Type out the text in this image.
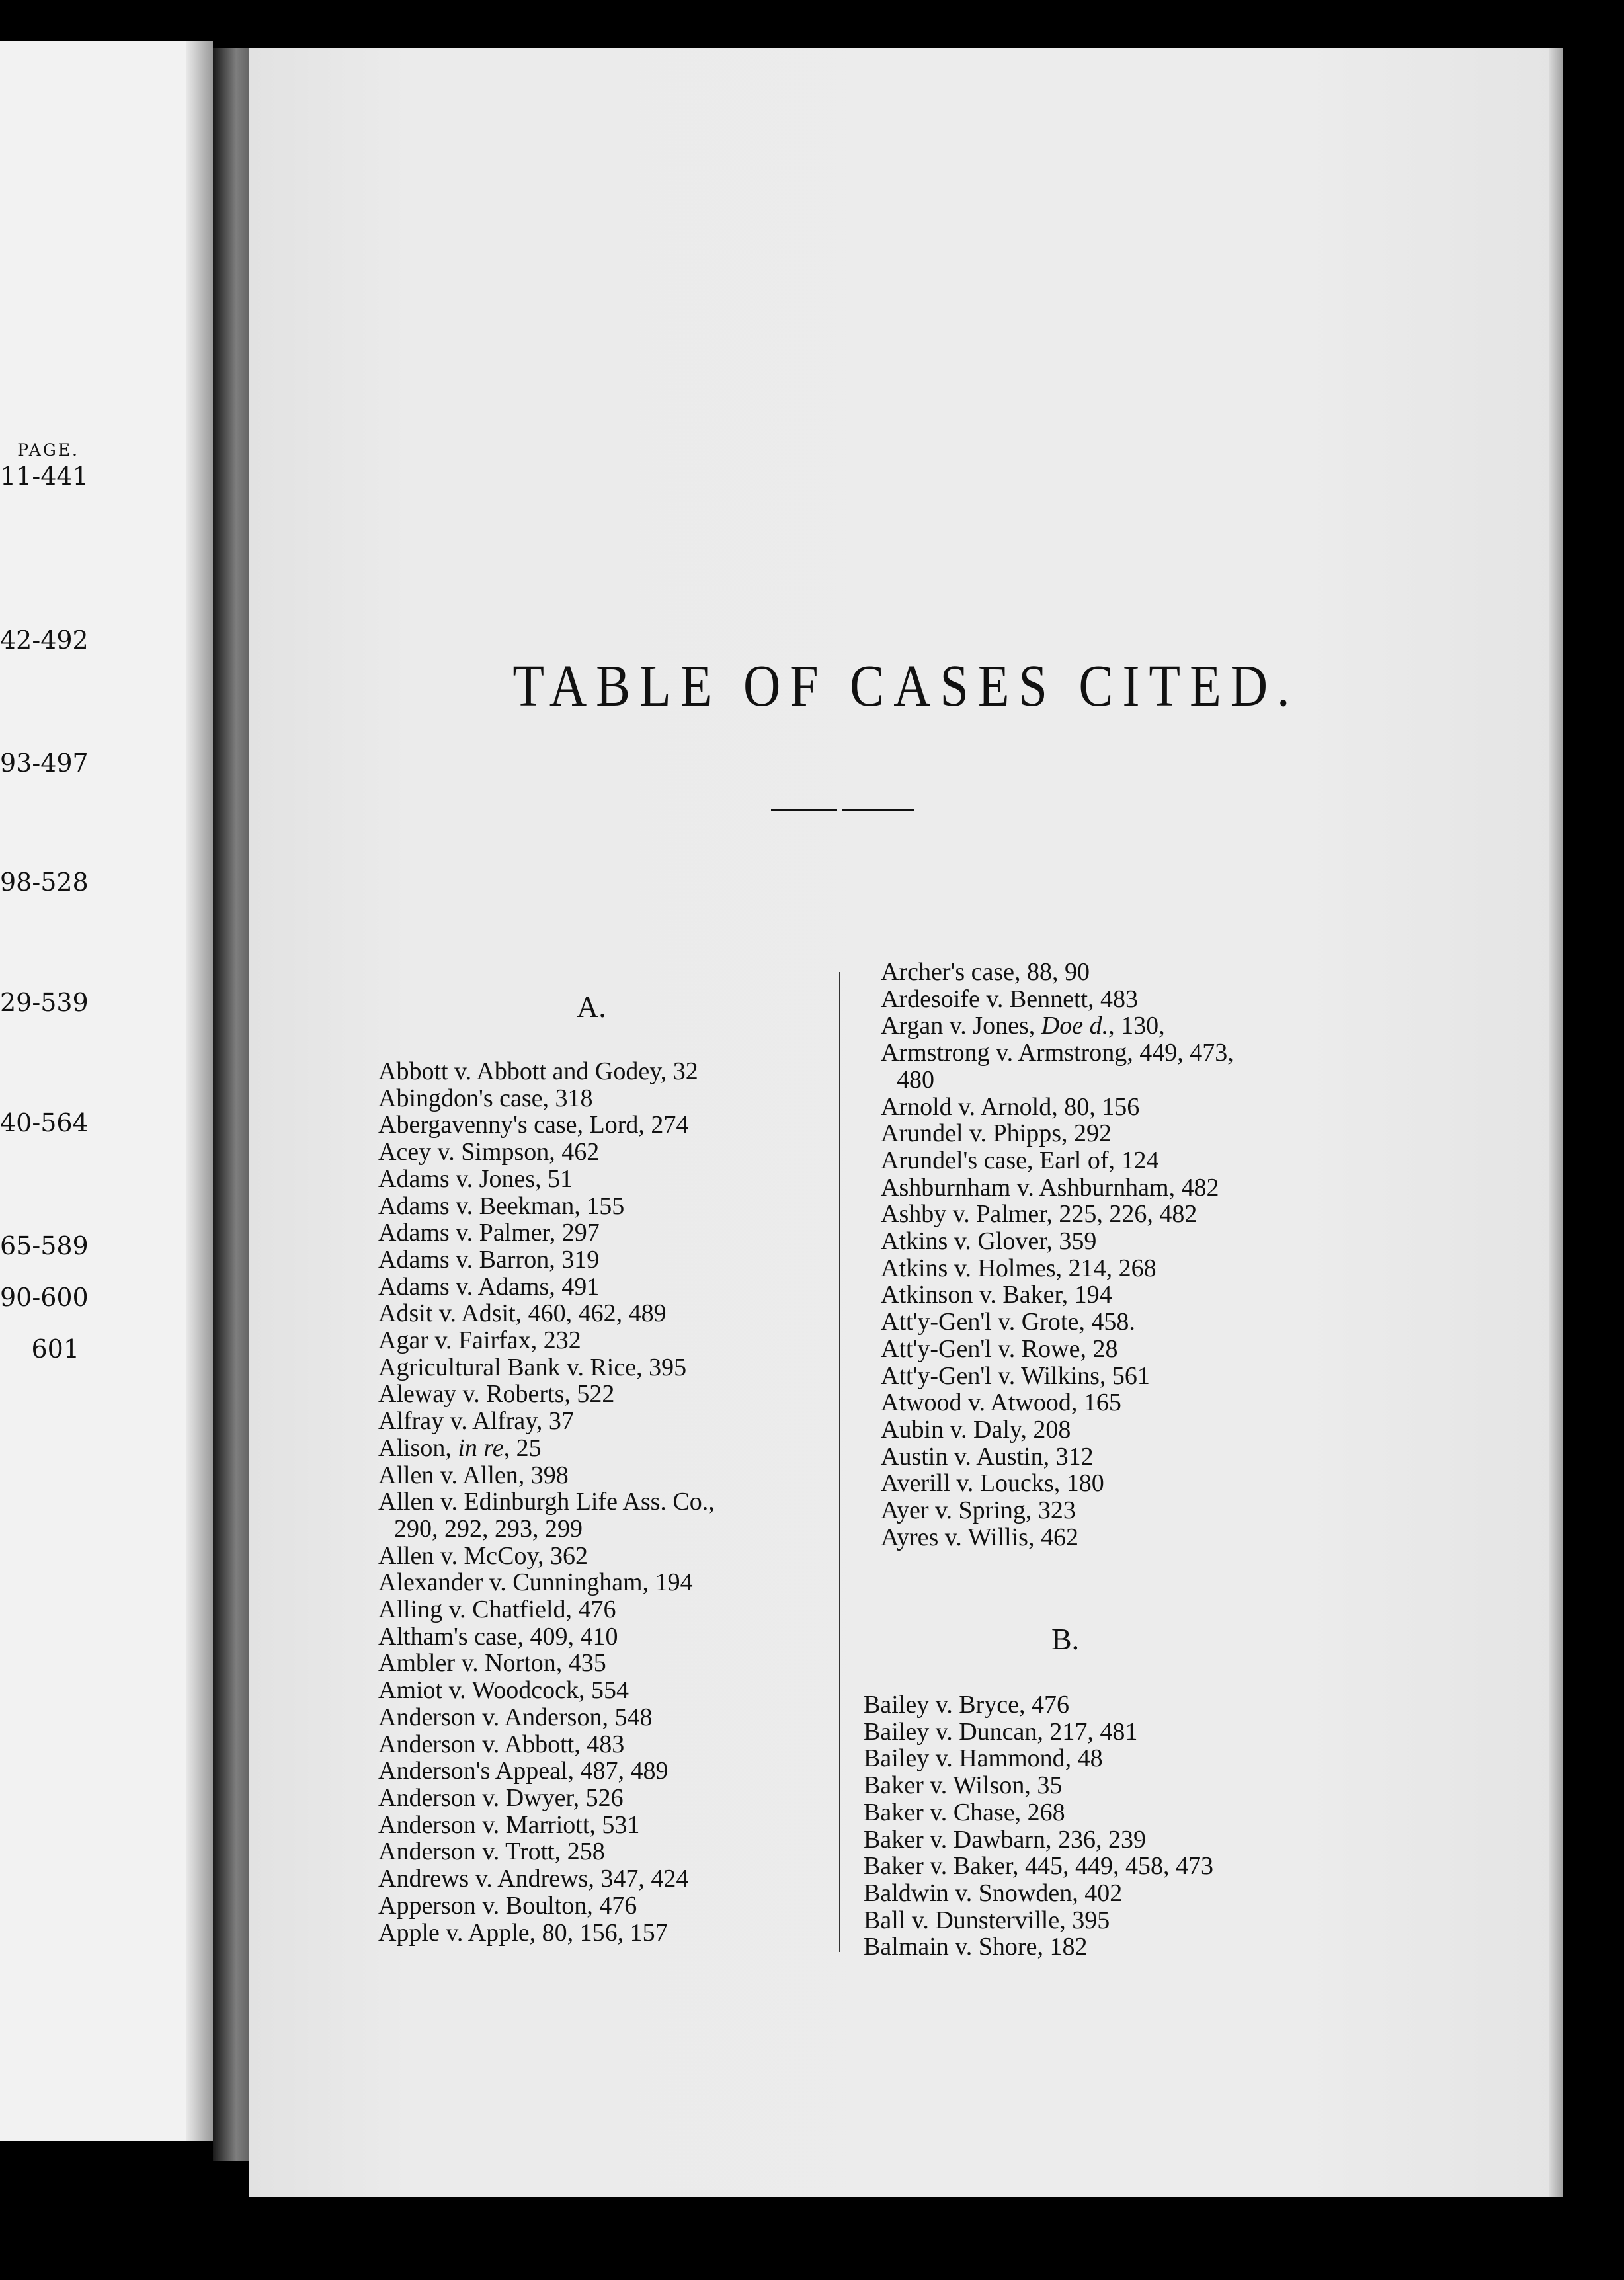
PAGE.
11-441
42-492
93-497
98-528
29-539
40-564
65-589
90-600
601
TABLE OF CASES CITED.
A.
Abbott v. Abbott and Godey, 32
Abingdon's case, 318
Abergavenny's case, Lord, 274
Acey v. Simpson, 462
Adams v. Jones, 51
Adams v. Beekman, 155
Adams v. Palmer, 297
Adams v. Barron, 319
Adams v. Adams, 491
Adsit v. Adsit, 460, 462, 489
Agar v. Fairfax, 232
Agricultural Bank v. Rice, 395
Aleway v. Roberts, 522
Alfray v. Alfray, 37
Alison, in re, 25
Allen v. Allen, 398
Allen v. Edinburgh Life Ass. Co.,
290, 292, 293, 299
Allen v. McCoy, 362
Alexander v. Cunningham, 194
Alling v. Chatfield, 476
Altham's case, 409, 410
Ambler v. Norton, 435
Amiot v. Woodcock, 554
Anderson v. Anderson, 548
Anderson v. Abbott, 483
Anderson's Appeal, 487, 489
Anderson v. Dwyer, 526
Anderson v. Marriott, 531
Anderson v. Trott, 258
Andrews v. Andrews, 347, 424
Apperson v. Boulton, 476
Apple v. Apple, 80, 156, 157
Archer's case, 88, 90
Ardesoife v. Bennett, 483
Argan v. Jones, Doe d., 130,
Armstrong v. Armstrong, 449, 473,
480
Arnold v. Arnold, 80, 156
Arundel v. Phipps, 292
Arundel's case, Earl of, 124
Ashburnham v. Ashburnham, 482
Ashby v. Palmer, 225, 226, 482
Atkins v. Glover, 359
Atkins v. Holmes, 214, 268
Atkinson v. Baker, 194
Att'y-Gen'l v. Grote, 458.
Att'y-Gen'l v. Rowe, 28
Att'y-Gen'l v. Wilkins, 561
Atwood v. Atwood, 165
Aubin v. Daly, 208
Austin v. Austin, 312
Averill v. Loucks, 180
Ayer v. Spring, 323
Ayres v. Willis, 462
B.
Bailey v. Bryce, 476
Bailey v. Duncan, 217, 481
Bailey v. Hammond, 48
Baker v. Wilson, 35
Baker v. Chase, 268
Baker v. Dawbarn, 236, 239
Baker v. Baker, 445, 449, 458, 473
Baldwin v. Snowden, 402
Ball v. Dunsterville, 395
Balmain v. Shore, 182
